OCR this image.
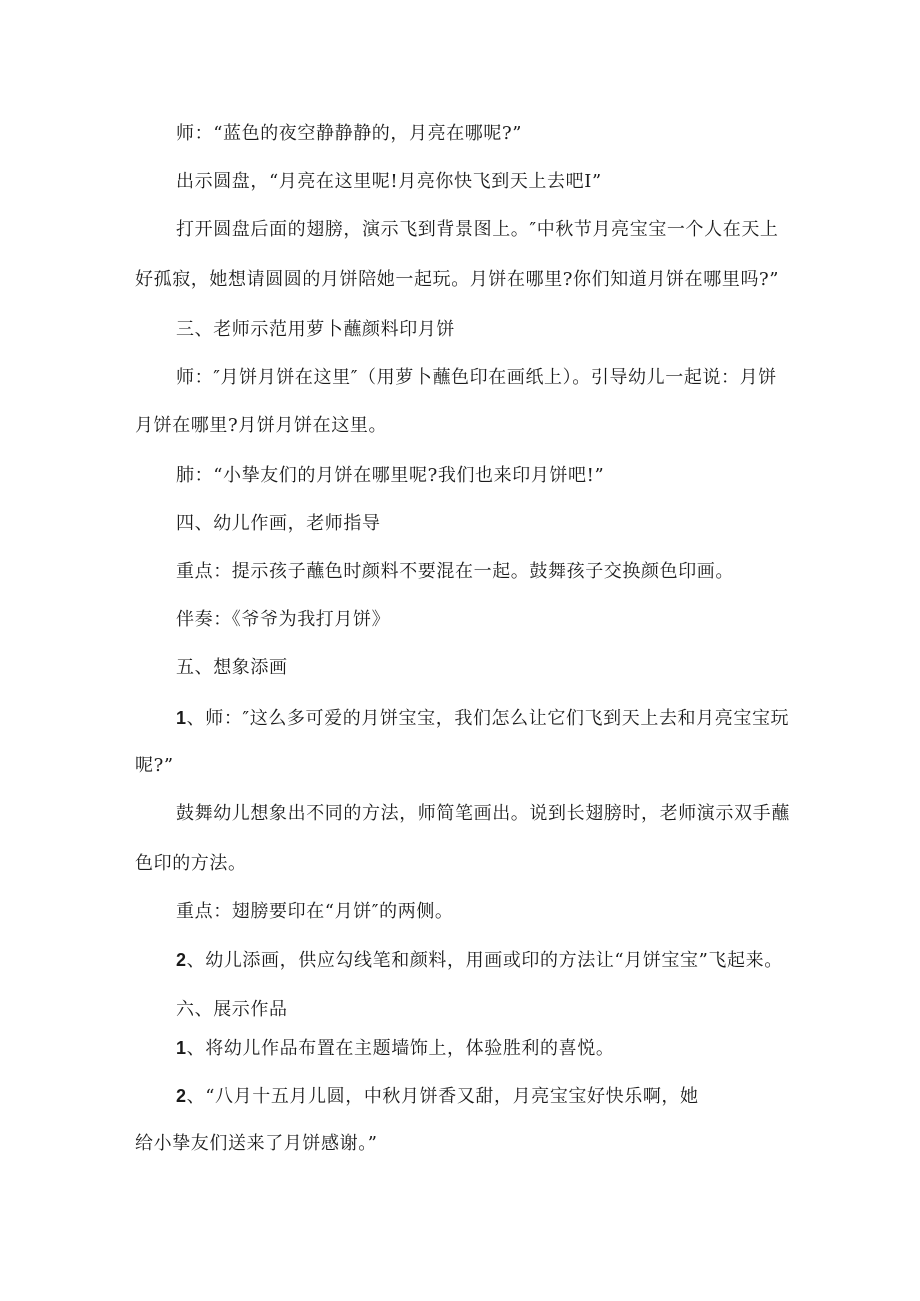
师：“蓝色的夜空静静静的，月亮在哪呢?”
出示圆盘，“月亮在这里呢!月亮你快飞到天上去吧I”
打开圆盘后面的翅膀，演示飞到背景图上。″中秋节月亮宝宝一个人在天上
好孤寂，她想请圆圆的月饼陪她一起玩。月饼在哪里?你们知道月饼在哪里吗?”
三、老师示范用萝卜蘸颜料印月饼
师：″月饼月饼在这里″（用萝卜蘸色印在画纸上）。引导幼儿一起说：月饼
月饼在哪里?月饼月饼在这里。
肺：“小挚友们的月饼在哪里呢?我们也来印月饼吧!”
四、幼儿作画，老师指导
重点：提示孩子蘸色时颜料不要混在一起。鼓舞孩子交换颜色印画。
伴奏：《爷爷为我打月饼》
五、想象添画
1、师：″这么多可爱的月饼宝宝，我们怎么让它们飞到天上去和月亮宝宝玩
呢?”
鼓舞幼儿想象出不同的方法，师简笔画出。说到长翅膀时，老师演示双手蘸
色印的方法。
重点：翅膀要印在“月饼″的两侧。
2、幼儿添画，供应勾线笔和颜料，用画或印的方法让“月饼宝宝”飞起来。
六、展示作品
1、将幼儿作品布置在主题墙饰上，体验胜利的喜悦。
2、“八月十五月儿圆，中秋月饼香又甜，月亮宝宝好快乐啊，她
给小挚友们送来了月饼感谢。”
